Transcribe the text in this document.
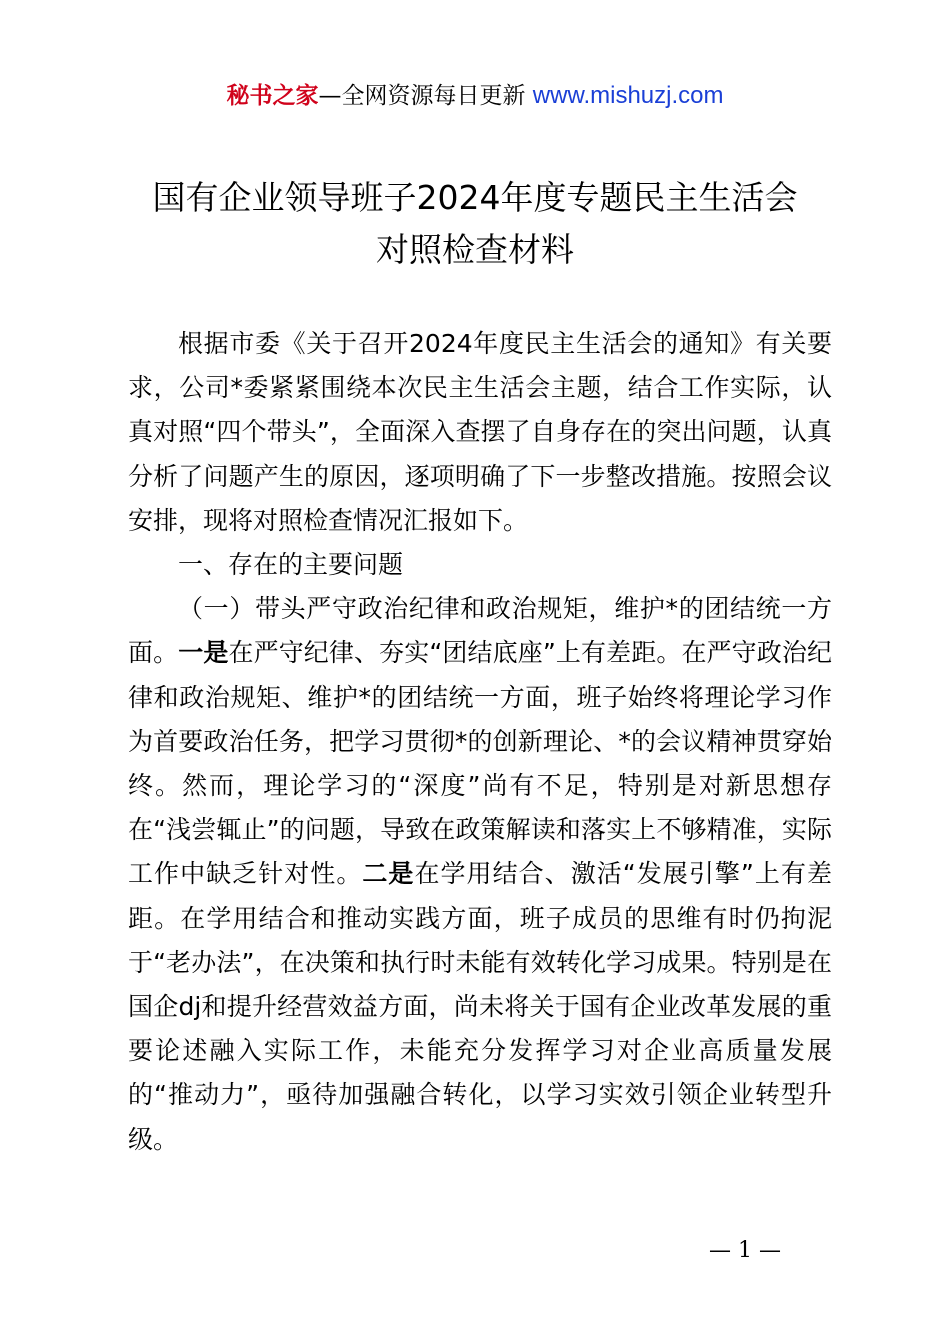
秘书之家—全网资源每日更新 www.mishuzj.com
国有企业领导班子2024年度专题民主生活会
对照检查材料

根据市委《关于召开2024年度民主生活会的通知》有关要求，公司*委紧紧围绕本次民主生活会主题，结合工作实际，认真对照“四个带头”，全面深入查摆了自身存在的突出问题，认真分析了问题产生的原因，逐项明确了下一步整改措施。按照会议安排，现将对照检查情况汇报如下。

一、存在的主要问题

（一）带头严守政治纪律和政治规矩，维护*的团结统一方面。一是在严守纪律、夯实“团结底座”上有差距。在严守政治纪律和政治规矩、维护*的团结统一方面，班子始终将理论学习作为首要政治任务，把学习贯彻*的创新理论、*的会议精神贯穿始终。然而，理论学习的“深度”尚有不足，特别是对新思想存在“浅尝辄止”的问题，导致在政策解读和落实上不够精准，实际工作中缺乏针对性。二是在学用结合、激活“发展引擎”上有差距。在学用结合和推动实践方面，班子成员的思维有时仍拘泥于“老办法”，在决策和执行时未能有效转化学习成果。特别是在国企dj和提升经营效益方面，尚未将关于国有企业改革发展的重要论述融入实际工作，未能充分发挥学习对企业高质量发展的“推动力”，亟待加强融合转化，以学习实效引领企业转型升级。

— 1 —
